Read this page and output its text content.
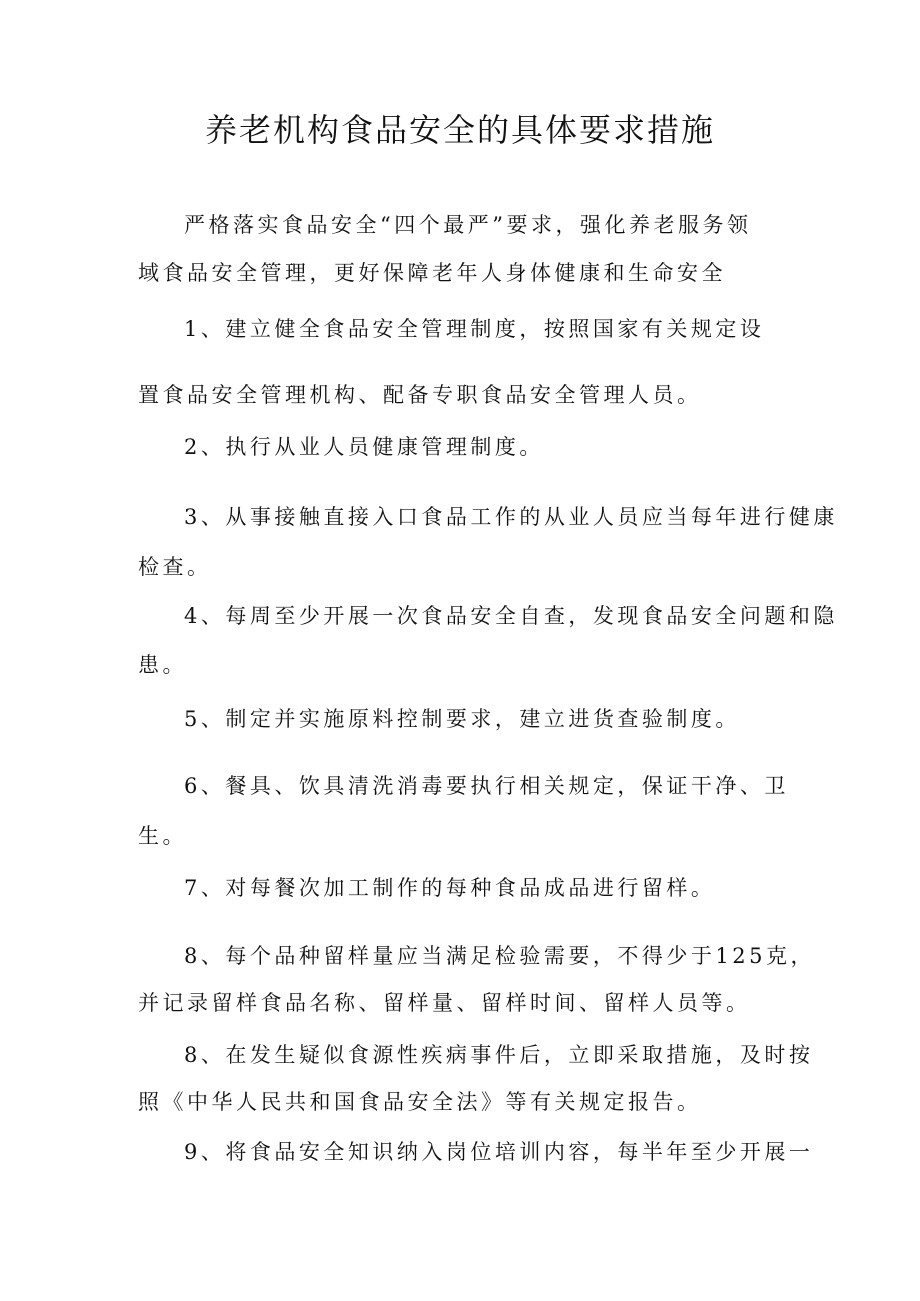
养老机构食品安全的具体要求措施
严格落实食品安全“四个最严”要求，强化养老服务领
域食品安全管理，更好保障老年人身体健康和生命安全
1、建立健全食品安全管理制度，按照国家有关规定设
置食品安全管理机构、配备专职食品安全管理人员。
2、执行从业人员健康管理制度。
3、从事接触直接入口食品工作的从业人员应当每年进行健康
检查。
4、每周至少开展一次食品安全自查，发现食品安全问题和隐
患。
5、制定并实施原料控制要求，建立进货查验制度。
6、餐具、饮具清洗消毒要执行相关规定，保证干净、卫
生。
7、对每餐次加工制作的每种食品成品进行留样。
8、每个品种留样量应当满足检验需要，不得少于125克，
并记录留样食品名称、留样量、留样时间、留样人员等。
8、在发生疑似食源性疾病事件后，立即采取措施，及时按
照《中华人民共和国食品安全法》等有关规定报告。
9、将食品安全知识纳入岗位培训内容，每半年至少开展一
